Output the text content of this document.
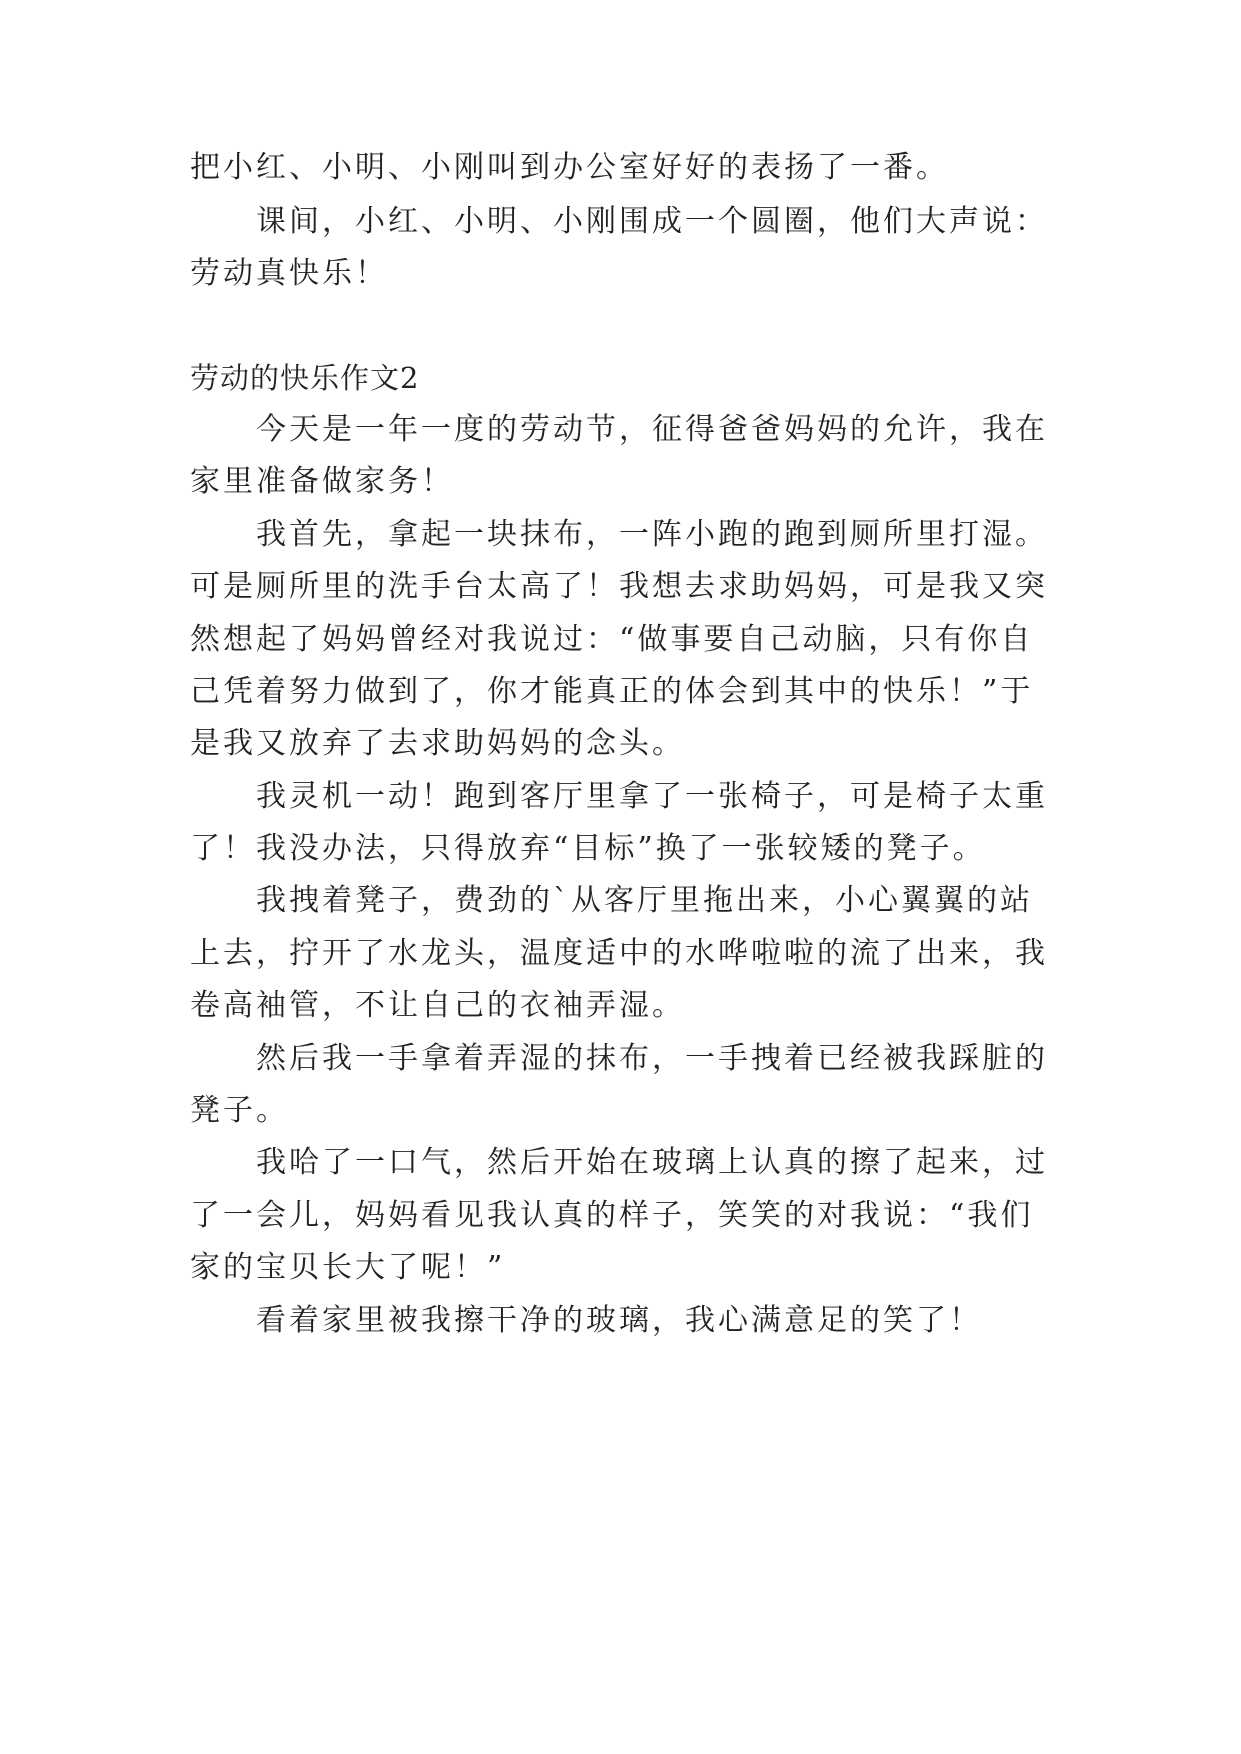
把小红、小明、小刚叫到办公室好好的表扬了一番。
课间，小红、小明、小刚围成一个圆圈，他们大声说：
劳动真快乐！
劳动的快乐作文2
今天是一年一度的劳动节，征得爸爸妈妈的允许，我在
家里准备做家务！
我首先，拿起一块抹布，一阵小跑的跑到厕所里打湿。
可是厕所里的洗手台太高了！我想去求助妈妈，可是我又突
然想起了妈妈曾经对我说过：“做事要自己动脑，只有你自
己凭着努力做到了，你才能真正的体会到其中的快乐！”于
是我又放弃了去求助妈妈的念头。
我灵机一动！跑到客厅里拿了一张椅子，可是椅子太重
了！我没办法，只得放弃“目标”换了一张较矮的凳子。
我拽着凳子，费劲的`从客厅里拖出来，小心翼翼的站
上去，拧开了水龙头，温度适中的水哗啦啦的流了出来，我
卷高袖管，不让自己的衣袖弄湿。
然后我一手拿着弄湿的抹布，一手拽着已经被我踩脏的
凳子。
我哈了一口气，然后开始在玻璃上认真的擦了起来，过
了一会儿，妈妈看见我认真的样子，笑笑的对我说：“我们
家的宝贝长大了呢！”
看着家里被我擦干净的玻璃，我心满意足的笑了！
